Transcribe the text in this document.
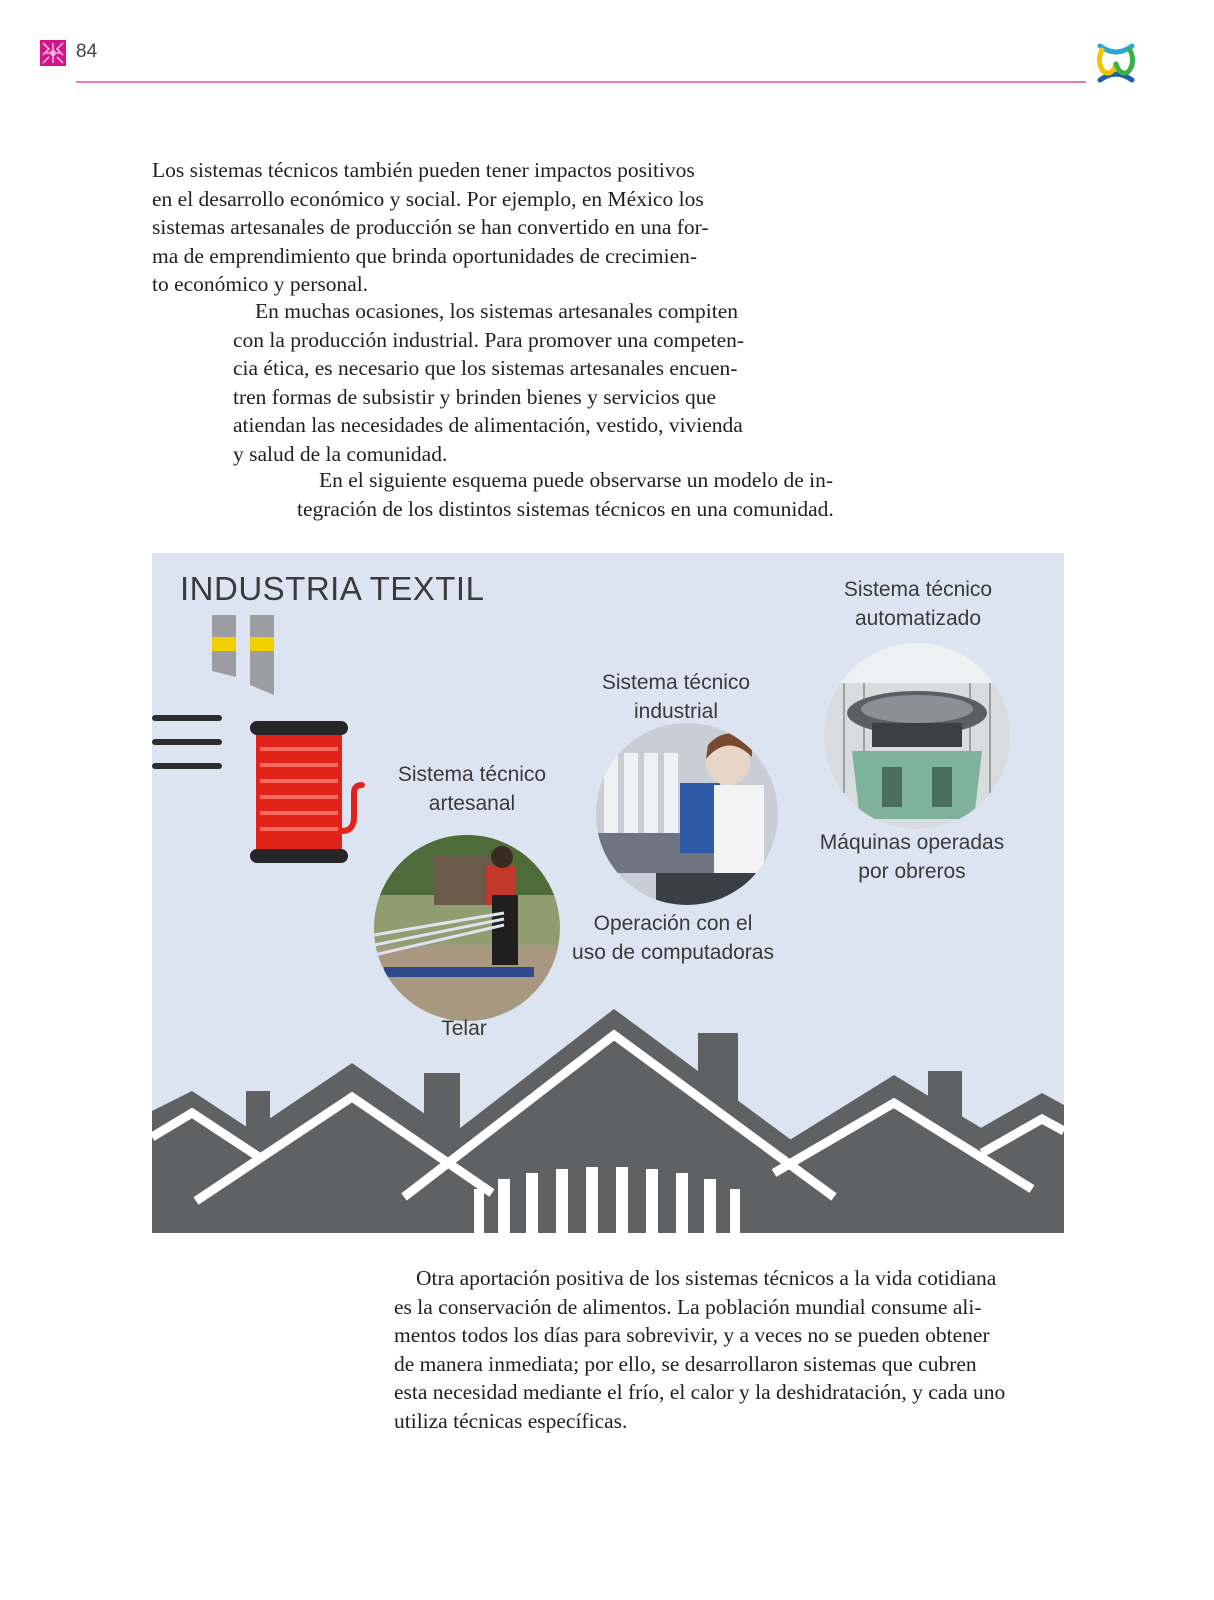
84

Los sistemas técnicos también pueden tener impactos positivos
en el desarrollo económico y social. Por ejemplo, en México los
sistemas artesanales de producción se han convertido en una for-
ma de emprendimiento que brinda oportunidades de crecimien-
to económico y personal.

En muchas ocasiones, los sistemas artesanales compiten
con la producción industrial. Para promover una competen-
cia ética, es necesario que los sistemas artesanales encuen-
tren formas de subsistir y brinden bienes y servicios que
atiendan las necesidades de alimentación, vestido, vivienda
y salud de la comunidad.

En el siguiente esquema puede observarse un modelo de in-
tegración de los distintos sistemas técnicos en una comunidad.

INDUSTRIA TEXTIL
Sistema técnico
artesanal
Telar
Sistema técnico
industrial
Operación con el
uso de computadoras
Sistema técnico
automatizado
Máquinas operadas
por obreros

Otra aportación positiva de los sistemas técnicos a la vida cotidiana
es la conservación de alimentos. La población mundial consume ali-
mentos todos los días para sobrevivir, y a veces no se pueden obtener
de manera inmediata; por ello, se desarrollaron sistemas que cubren
esta necesidad mediante el frío, el calor y la deshidratación, y cada uno
utiliza técnicas específicas.
